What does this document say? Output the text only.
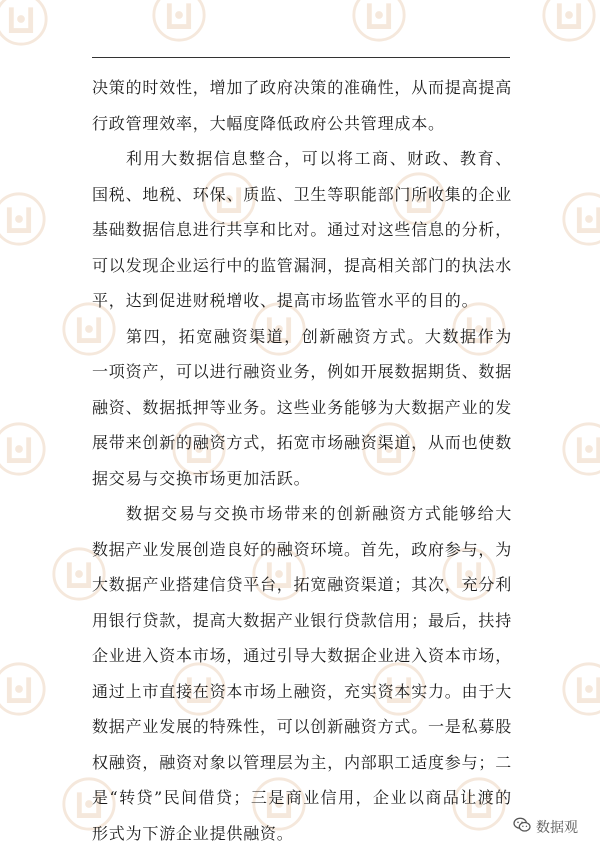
决策的时效性，增加了政府决策的准确性，从而提高提高行政管理效率，大幅度降低政府公共管理成本。

利用大数据信息整合，可以将工商、财政、教育、国税、地税、环保、质监、卫生等职能部门所收集的企业基础数据信息进行共享和比对。通过对这些信息的分析，可以发现企业运行中的监管漏洞，提高相关部门的执法水平，达到促进财税增收、提高市场监管水平的目的。

第四，拓宽融资渠道，创新融资方式。大数据作为一项资产，可以进行融资业务，例如开展数据期货、数据融资、数据抵押等业务。这些业务能够为大数据产业的发展带来创新的融资方式，拓宽市场融资渠道，从而也使数据交易与交换市场更加活跃。

数据交易与交换市场带来的创新融资方式能够给大数据产业发展创造良好的融资环境。首先，政府参与，为大数据产业搭建信贷平台，拓宽融资渠道；其次，充分利用银行贷款，提高大数据产业银行贷款信用；最后，扶持企业进入资本市场，通过引导大数据企业进入资本市场，通过上市直接在资本市场上融资，充实资本实力。由于大数据产业发展的特殊性，可以创新融资方式。一是私募股权融资，融资对象以管理层为主，内部职工适度参与；二是“转贷”民间借贷；三是商业信用，企业以商品让渡的形式为下游企业提供融资。	数据观
